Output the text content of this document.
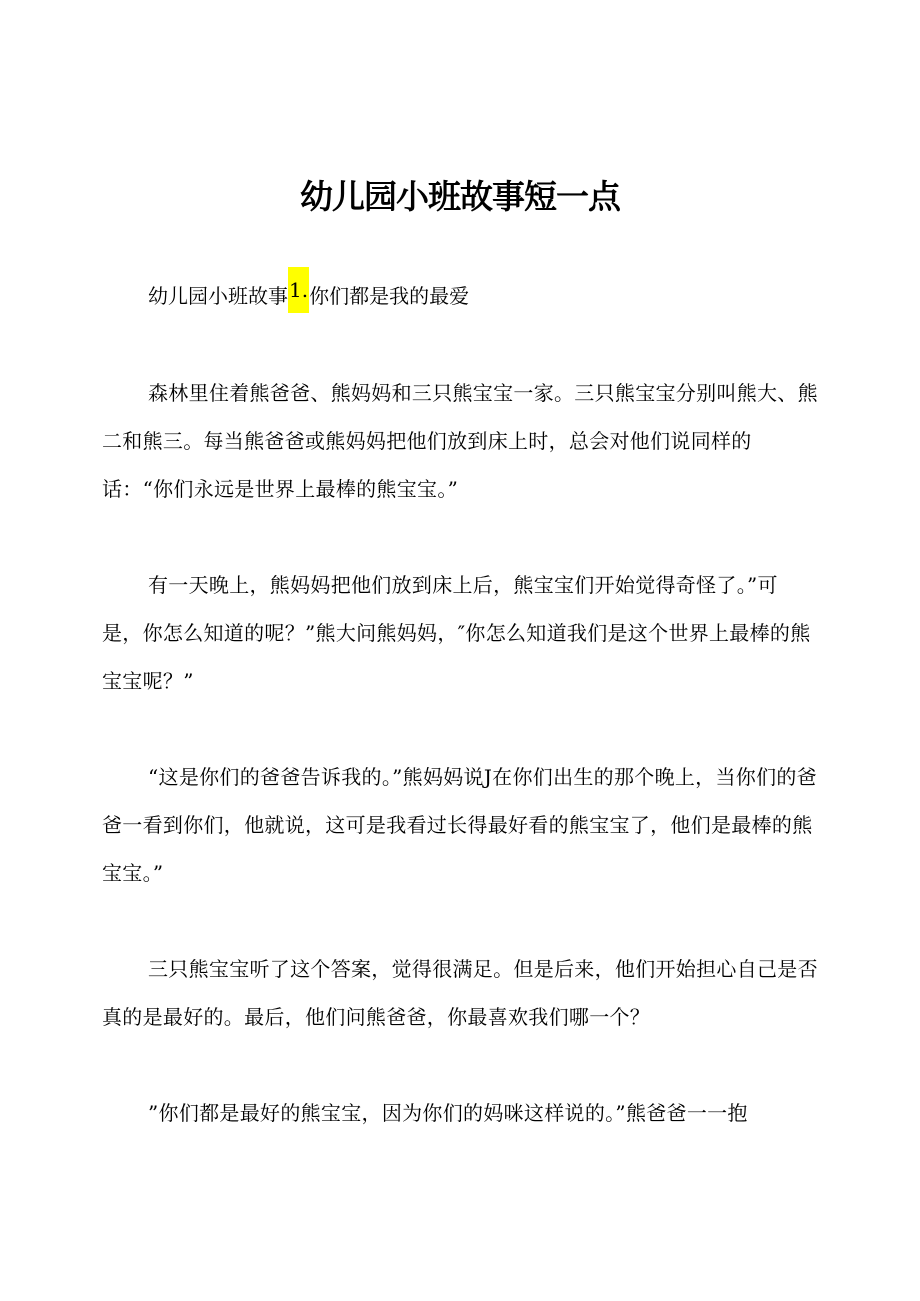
幼儿园小班故事短一点
幼儿园小班故事1.你们都是我的最爱

森林里住着熊爸爸、熊妈妈和三只熊宝宝一家。三只熊宝宝分别叫熊大、熊二和熊三。每当熊爸爸或熊妈妈把他们放到床上时，总会对他们说同样的话：“你们永远是世界上最棒的熊宝宝。”

有一天晚上，熊妈妈把他们放到床上后，熊宝宝们开始觉得奇怪了。”可是，你怎么知道的呢？”熊大问熊妈妈，″你怎么知道我们是这个世界上最棒的熊宝宝呢？”

“这是你们的爸爸告诉我的。”熊妈妈说J在你们出生的那个晚上，当你们的爸爸一看到你们，他就说，这可是我看过长得最好看的熊宝宝了，他们是最棒的熊宝宝。”

三只熊宝宝听了这个答案，觉得很满足。但是后来，他们开始担心自己是否真的是最好的。最后，他们问熊爸爸，你最喜欢我们哪一个？

”你们都是最好的熊宝宝，因为你们的妈咪这样说的。”熊爸爸一一抱
